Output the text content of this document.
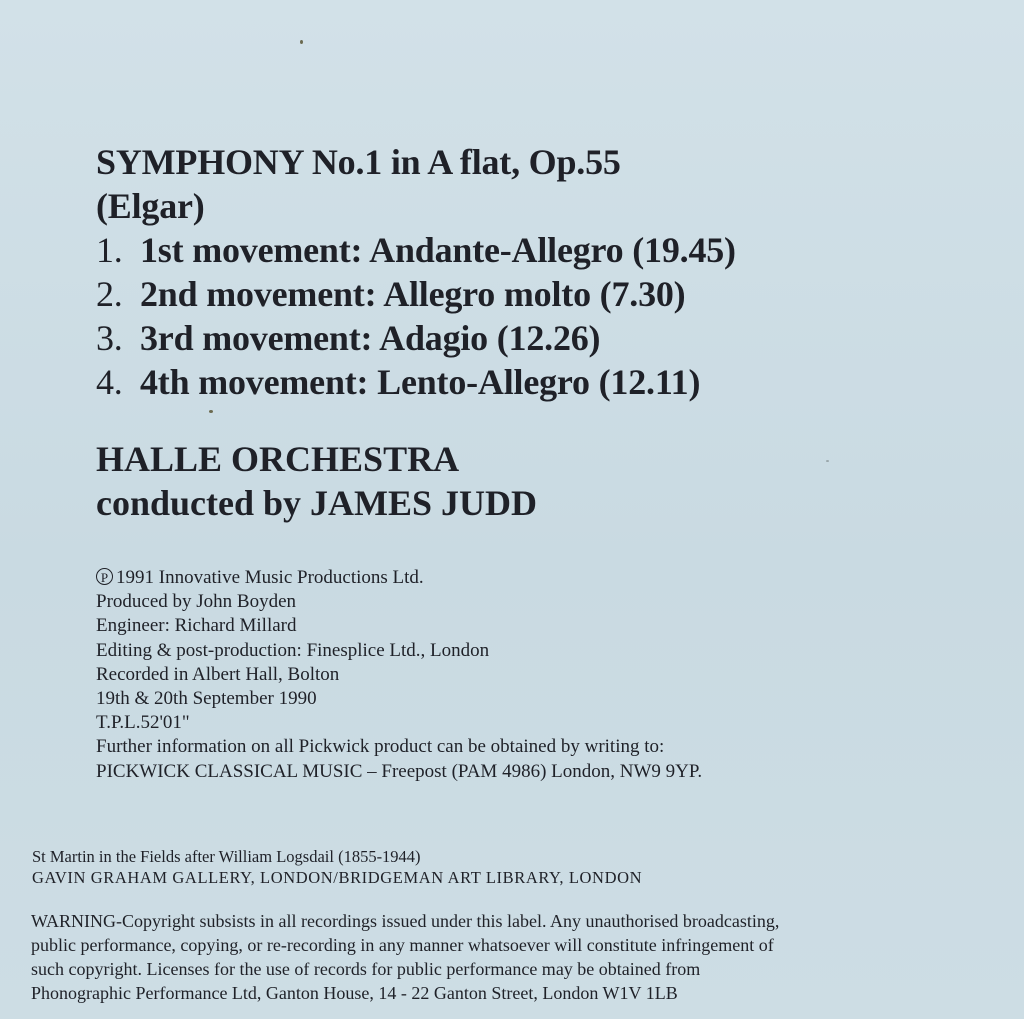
SYMPHONY No.1 in A flat, Op.55
(Elgar)
1. 1st movement: Andante-Allegro (19.45)
2. 2nd movement: Allegro molto (7.30)
3. 3rd movement: Adagio (12.26)
4. 4th movement: Lento-Allegro (12.11)
HALLE ORCHESTRA
conducted by JAMES JUDD
P 1991 Innovative Music Productions Ltd.
Produced by John Boyden
Engineer: Richard Millard
Editing & post-production: Finesplice Ltd., London
Recorded in Albert Hall, Bolton
19th & 20th September 1990
T.P.L.52'01"
Further information on all Pickwick product can be obtained by writing to:
PICKWICK CLASSICAL MUSIC – Freepost (PAM 4986) London, NW9 9YP.
St Martin in the Fields after William Logsdail (1855-1944)
GAVIN GRAHAM GALLERY, LONDON/BRIDGEMAN ART LIBRARY, LONDON
WARNING-Copyright subsists in all recordings issued under this label. Any unauthorised broadcasting,
public performance, copying, or re-recording in any manner whatsoever will constitute infringement of
such copyright. Licenses for the use of records for public performance may be obtained from
Phonographic Performance Ltd, Ganton House, 14 - 22 Ganton Street, London W1V 1LB
